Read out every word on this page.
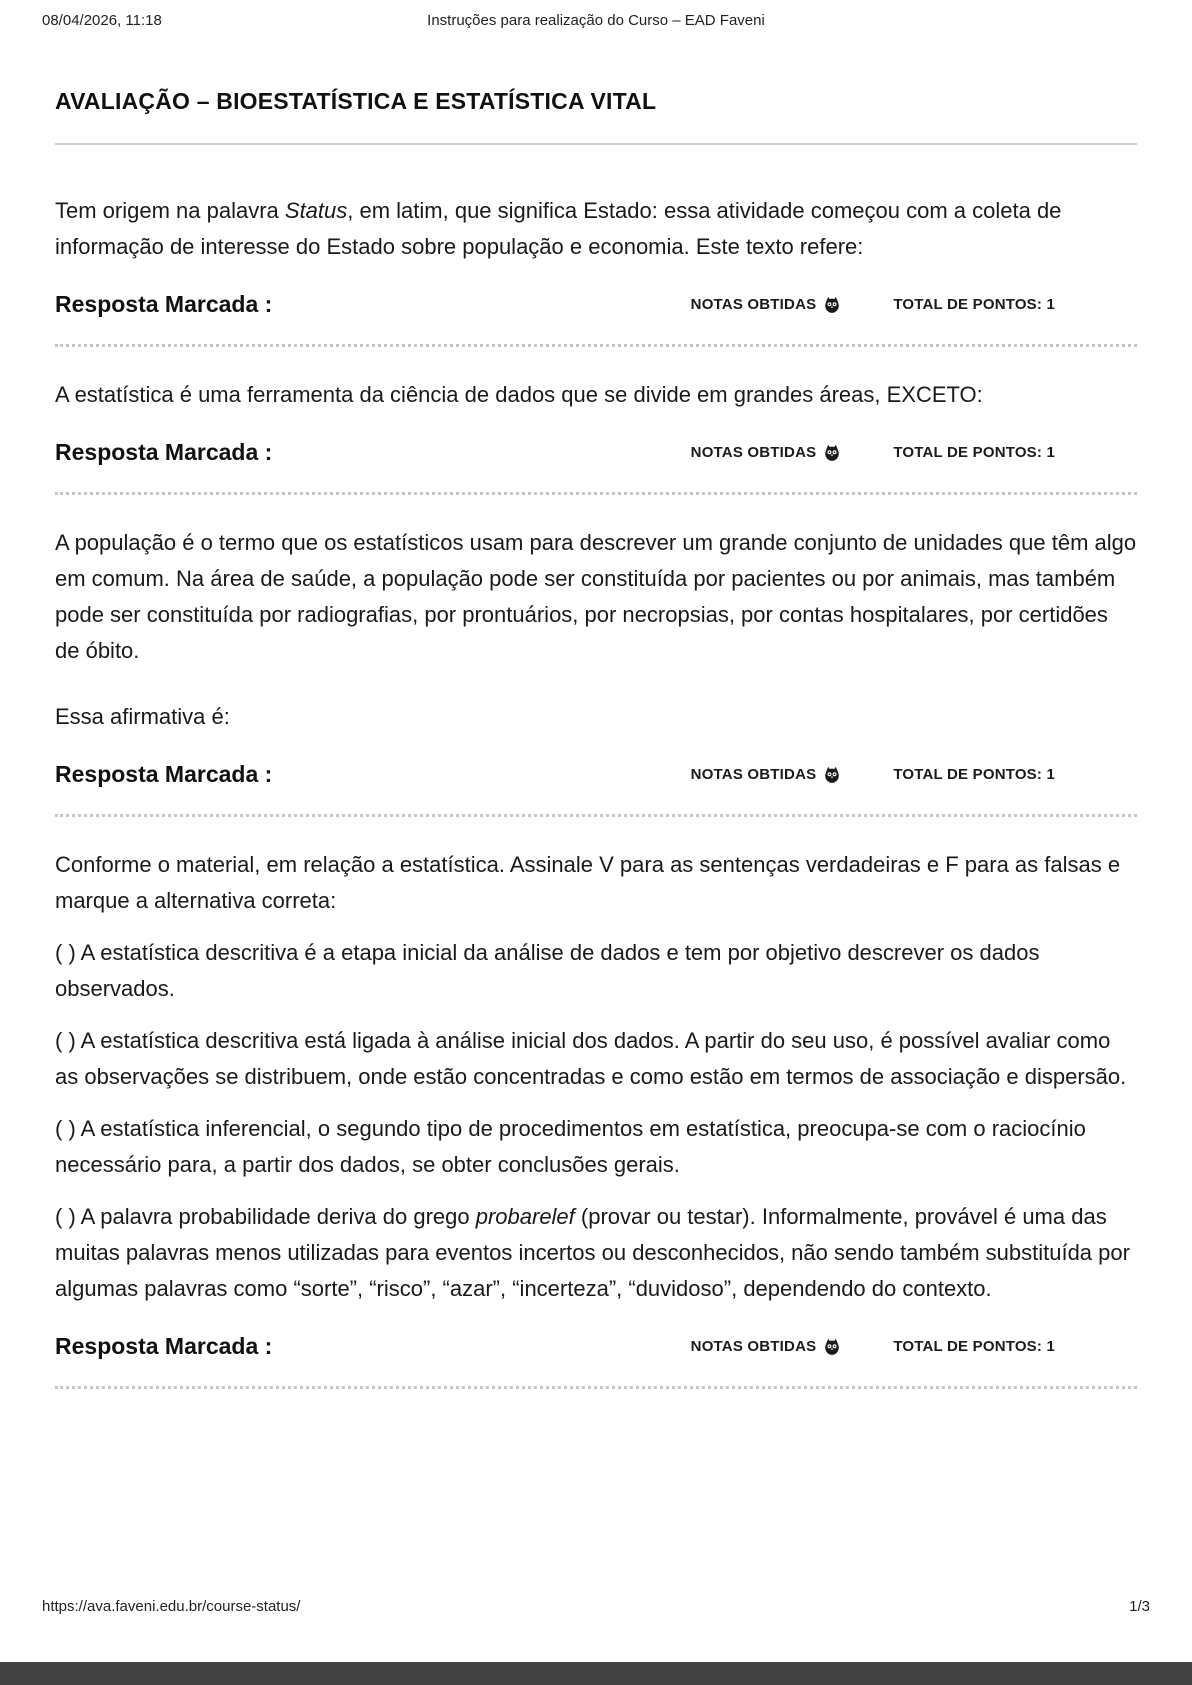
08/04/2026, 11:18	Instruções para realização do Curso – EAD Faveni
AVALIAÇÃO – BIOESTATÍSTICA E ESTATÍSTICA VITAL

Tem origem na palavra Status, em latim, que significa Estado: essa atividade começou com a coleta de informação de interesse do Estado sobre população e economia. Este texto refere:

Resposta Marcada :	NOTAS OBTIDAS	TOTAL DE PONTOS: 1

A estatística é uma ferramenta da ciência de dados que se divide em grandes áreas, EXCETO:

Resposta Marcada :	NOTAS OBTIDAS	TOTAL DE PONTOS: 1

A população é o termo que os estatísticos usam para descrever um grande conjunto de unidades que têm algo em comum. Na área de saúde, a população pode ser constituída por pacientes ou por animais, mas também pode ser constituída por radiografias, por prontuários, por necropsias, por contas hospitalares, por certidões de óbito.

Essa afirmativa é:

Resposta Marcada :	NOTAS OBTIDAS	TOTAL DE PONTOS: 1

Conforme o material, em relação a estatística. Assinale V para as sentenças verdadeiras e F para as falsas e marque a alternativa correta:

( ) A estatística descritiva é a etapa inicial da análise de dados e tem por objetivo descrever os dados observados.

( ) A estatística descritiva está ligada à análise inicial dos dados. A partir do seu uso, é possível avaliar como as observações se distribuem, onde estão concentradas e como estão em termos de associação e dispersão.

( ) A estatística inferencial, o segundo tipo de procedimentos em estatística, preocupa-se com o raciocínio necessário para, a partir dos dados, se obter conclusões gerais.

( ) A palavra probabilidade deriva do grego probarelef (provar ou testar). Informalmente, provável é uma das muitas palavras menos utilizadas para eventos incertos ou desconhecidos, não sendo também substituída por algumas palavras como “sorte”, “risco”, “azar”, “incerteza”, “duvidoso”, dependendo do contexto.

Resposta Marcada :	NOTAS OBTIDAS	TOTAL DE PONTOS: 1
https://ava.faveni.edu.br/course-status/	1/3
